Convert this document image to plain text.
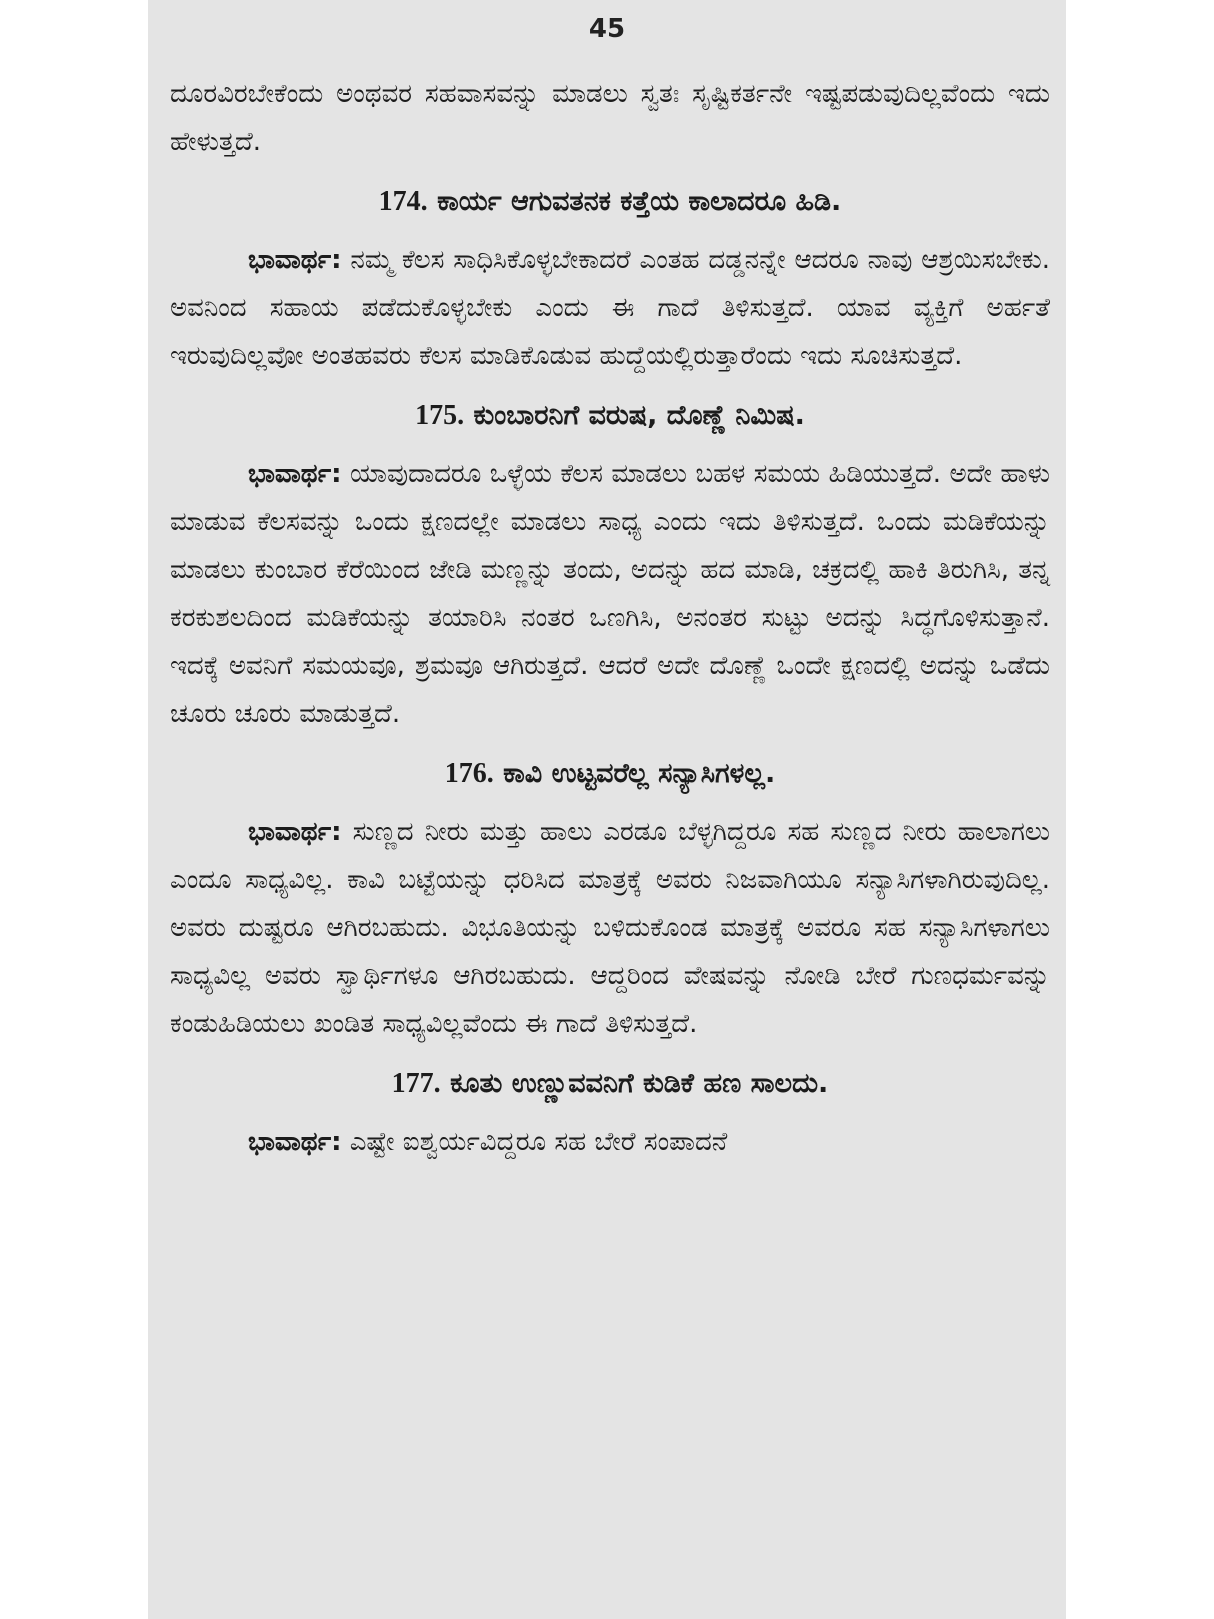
45

ದೂರವಿರಬೇಕೆಂದು ಅಂಥವರ ಸಹವಾಸವನ್ನು ಮಾಡಲು ಸ್ವತಃ ಸೃಷ್ಟಿಕರ್ತನೇ ಇಷ್ಟಪಡುವುದಿಲ್ಲವೆಂದು ಇದು ಹೇಳುತ್ತದೆ.

174. ಕಾರ್ಯ ಆಗುವತನಕ ಕತ್ತೆಯ ಕಾಲಾದರೂ ಹಿಡಿ.

ಭಾವಾರ್ಥ: ನಮ್ಮ ಕೆಲಸ ಸಾಧಿಸಿಕೊಳ್ಳಬೇಕಾದರೆ ಎಂತಹ ದಡ್ಡನನ್ನೇ ಆದರೂ ನಾವು ಆಶ್ರಯಿಸಬೇಕು. ಅವನಿಂದ ಸಹಾಯ ಪಡೆದುಕೊಳ್ಳಬೇಕು ಎಂದು ಈ ಗಾದೆ ತಿಳಿಸುತ್ತದೆ. ಯಾವ ವ್ಯಕ್ತಿಗೆ ಅರ್ಹತೆ ಇರುವುದಿಲ್ಲವೋ ಅಂತಹವರು ಕೆಲಸ ಮಾಡಿಕೊಡುವ ಹುದ್ದೆಯಲ್ಲಿರುತ್ತಾರೆಂದು ಇದು ಸೂಚಿಸುತ್ತದೆ.

175. ಕುಂಬಾರನಿಗೆ ವರುಷ, ದೊಣ್ಣೆ ನಿಮಿಷ.

ಭಾವಾರ್ಥ: ಯಾವುದಾದರೂ ಒಳ್ಳೆಯ ಕೆಲಸ ಮಾಡಲು ಬಹಳ ಸಮಯ ಹಿಡಿಯುತ್ತದೆ. ಅದೇ ಹಾಳು ಮಾಡುವ ಕೆಲಸವನ್ನು ಒಂದು ಕ್ಷಣದಲ್ಲೇ ಮಾಡಲು ಸಾಧ್ಯ ಎಂದು ಇದು ತಿಳಿಸುತ್ತದೆ. ಒಂದು ಮಡಿಕೆಯನ್ನು ಮಾಡಲು ಕುಂಬಾರ ಕೆರೆಯಿಂದ ಜೇಡಿ ಮಣ್ಣನ್ನು ತಂದು, ಅದನ್ನು ಹದ ಮಾಡಿ, ಚಕ್ರದಲ್ಲಿ ಹಾಕಿ ತಿರುಗಿಸಿ, ತನ್ನ ಕರಕುಶಲದಿಂದ ಮಡಿಕೆಯನ್ನು ತಯಾರಿಸಿ ನಂತರ ಒಣಗಿಸಿ, ಅನಂತರ ಸುಟ್ಟು ಅದನ್ನು ಸಿದ್ಧಗೊಳಿಸುತ್ತಾನೆ. ಇದಕ್ಕೆ ಅವನಿಗೆ ಸಮಯವೂ, ಶ್ರಮವೂ ಆಗಿರುತ್ತದೆ. ಆದರೆ ಅದೇ ದೊಣ್ಣೆ ಒಂದೇ ಕ್ಷಣದಲ್ಲಿ ಅದನ್ನು ಒಡೆದು ಚೂರು ಚೂರು ಮಾಡುತ್ತದೆ.

176. ಕಾವಿ ಉಟ್ಟವರೆಲ್ಲ ಸನ್ಯಾಸಿಗಳಲ್ಲ.

ಭಾವಾರ್ಥ: ಸುಣ್ಣದ ನೀರು ಮತ್ತು ಹಾಲು ಎರಡೂ ಬೆಳ್ಳಗಿದ್ದರೂ ಸಹ ಸುಣ್ಣದ ನೀರು ಹಾಲಾಗಲು ಎಂದೂ ಸಾಧ್ಯವಿಲ್ಲ. ಕಾವಿ ಬಟ್ಟೆಯನ್ನು ಧರಿಸಿದ ಮಾತ್ರಕ್ಕೆ ಅವರು ನಿಜವಾಗಿಯೂ ಸನ್ಯಾಸಿಗಳಾಗಿರುವುದಿಲ್ಲ. ಅವರು ದುಷ್ಟರೂ ಆಗಿರಬಹುದು. ವಿಭೂತಿಯನ್ನು ಬಳಿದುಕೊಂಡ ಮಾತ್ರಕ್ಕೆ ಅವರೂ ಸಹ ಸನ್ಯಾಸಿಗಳಾಗಲು ಸಾಧ್ಯವಿಲ್ಲ ಅವರು ಸ್ವಾರ್ಥಿಗಳೂ ಆಗಿರಬಹುದು. ಆದ್ದರಿಂದ ವೇಷವನ್ನು ನೋಡಿ ಬೇರೆ ಗುಣಧರ್ಮವನ್ನು ಕಂಡುಹಿಡಿಯಲು ಖಂಡಿತ ಸಾಧ್ಯವಿಲ್ಲವೆಂದು ಈ ಗಾದೆ ತಿಳಿಸುತ್ತದೆ.

177. ಕೂತು ಉಣ್ಣುವವನಿಗೆ ಕುಡಿಕೆ ಹಣ ಸಾಲದು.

ಭಾವಾರ್ಥ: ಎಷ್ಟೇ ಐಶ್ವರ್ಯವಿದ್ದರೂ ಸಹ ಬೇರೆ ಸಂಪಾದನೆ
